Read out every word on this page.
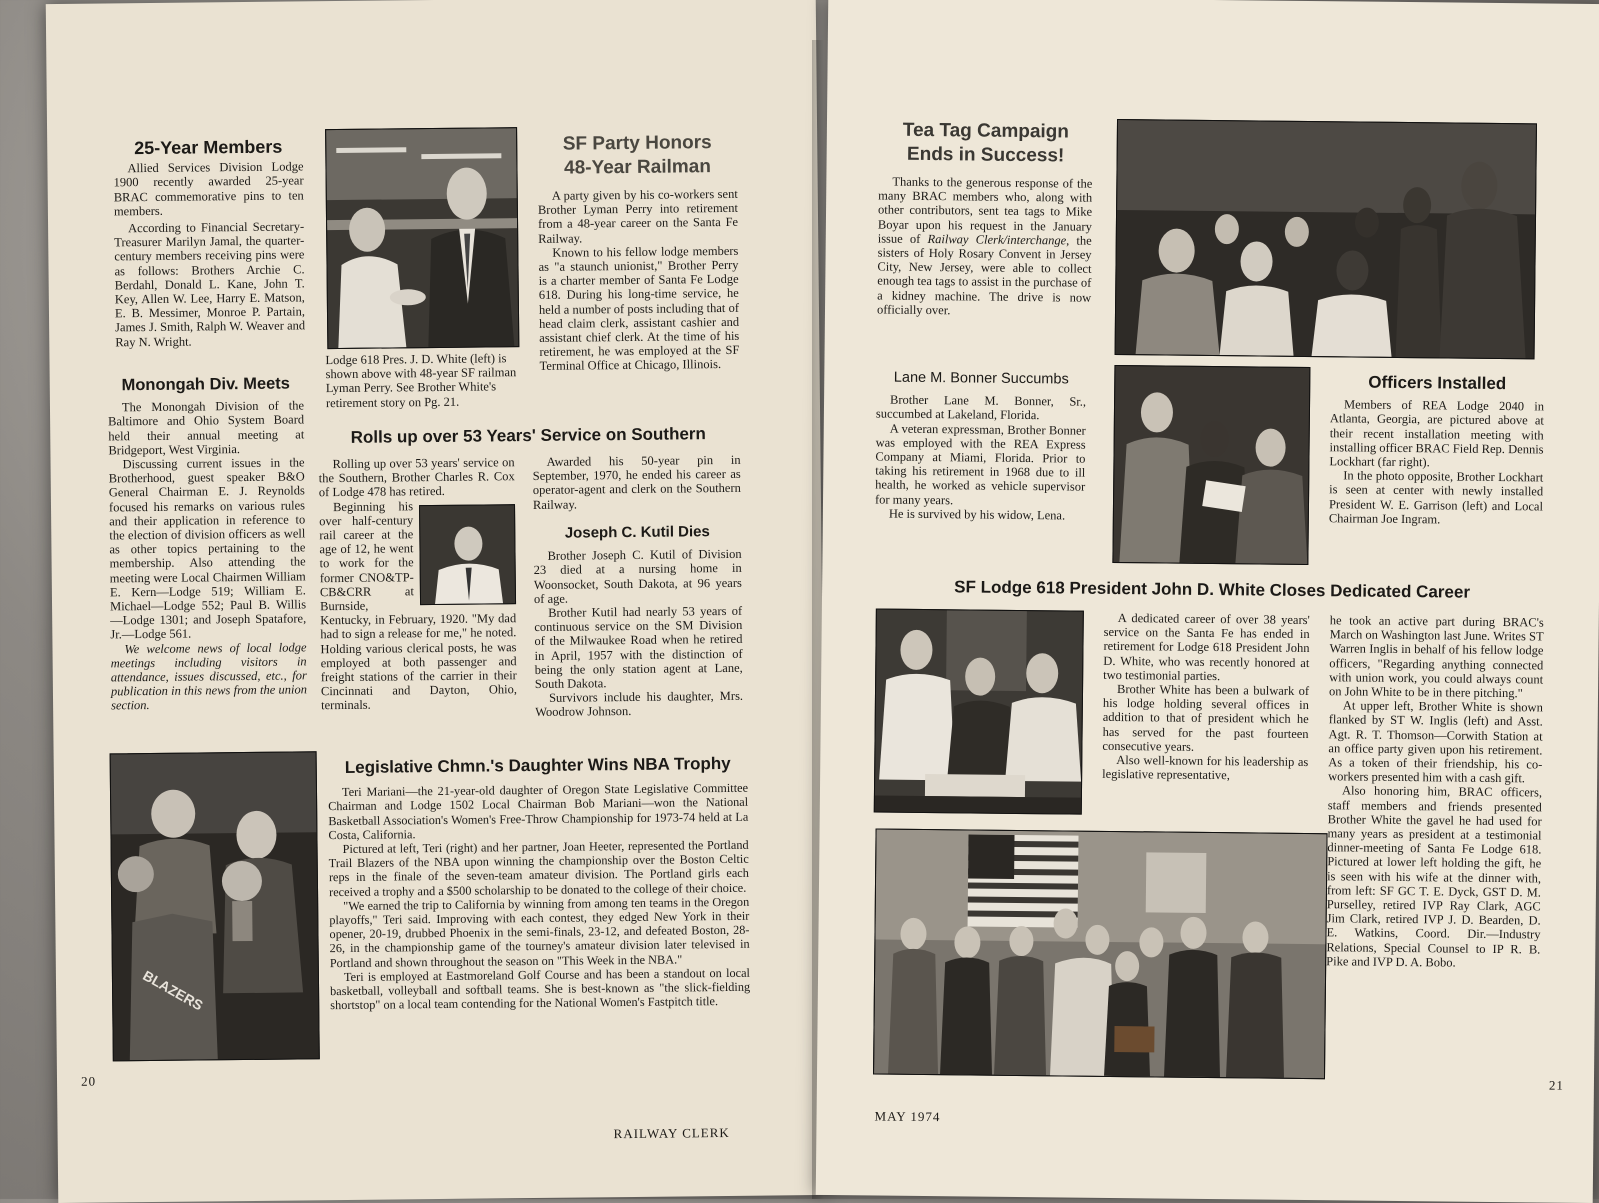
25-Year Members

Allied Services Division Lodge 1900 recently awarded 25-year BRAC commemorative pins to ten members.

According to Financial Secretary-Treasurer Marilyn Jamal, the quarter-century members receiving pins were as follows: Brothers Archie C. Berdahl, Donald L. Kane, John T. Key, Allen W. Lee, Harry E. Matson, E. B. Messimer, Monroe P. Partain, James J. Smith, Ralph W. Weaver and Ray N. Wright.

Monongah Div. Meets

The Monongah Division of the Baltimore and Ohio System Board held their annual meeting at Bridgeport, West Virginia.

Discussing current issues in the Brotherhood, guest speaker B&O General Chairman E. J. Reynolds focused his remarks on various rules and their application in reference to the election of division officers as well as other topics pertaining to the membership. Also attending the meeting were Local Chairmen William E. Kern—Lodge 519; William E. Michael—Lodge 552; Paul B. Willis—Lodge 1301; and Joseph Spatafore, Jr.—Lodge 561.

We welcome news of local lodge meetings including visitors in attendance, issues discussed, etc., for publication in this news from the union section.

Lodge 618 Pres. J. D. White (left) is shown above with 48-year SF railman Lyman Perry. See Brother White's retirement story on Pg. 21.
SF Party Honors
48-Year Railman

A party given by his co-workers sent Brother Lyman Perry into retirement from a 48-year career on the Santa Fe Railway.

Known to his fellow lodge members as "a staunch unionist," Brother Perry is a charter member of Santa Fe Lodge 618. During his long-time service, he held a number of posts including that of head claim clerk, assistant cashier and assistant chief clerk. At the time of his retirement, he was employed at the SF Terminal Office at Chicago, Illinois.

Rolls up over 53 Years' Service on Southern

Rolling up over 53 years' service on the Southern, Brother Charles R. Cox of Lodge 478 has retired.

Beginning his over half-century rail career at the age of 12, he went to work for the former CNO&TP-CB&CRR at Burnside, Kentucky, in February, 1920. "My dad had to sign a release for me," he noted. Holding various clerical posts, he was employed at both passenger and freight stations of the carrier in their Cincinnati and Dayton, Ohio, terminals.

Awarded his 50-year pin in September, 1970, he ended his career as operator-agent and clerk on the Southern Railway.

Joseph C. Kutil Dies

Brother Joseph C. Kutil of Division 23 died at a nursing home in Woonsocket, South Dakota, at 96 years of age.

Brother Kutil had nearly 53 years of continuous service on the SM Division of the Milwaukee Road when he retired in April, 1957 with the distinction of being the only station agent at Lane, South Dakota.

Survivors include his daughter, Mrs. Woodrow Johnson.

BLAZERS
Legislative Chmn.'s Daughter Wins NBA Trophy

Teri Mariani—the 21-year-old daughter of Oregon State Legislative Committee Chairman and Lodge 1502 Local Chairman Bob Mariani—won the National Basketball Association's Women's Free-Throw Championship for 1973-74 held at La Costa, California.

Pictured at left, Teri (right) and her partner, Joan Heeter, represented the Portland Trail Blazers of the NBA upon winning the championship over the Boston Celtic reps in the finale of the seven-team amateur division. The Portland girls each received a trophy and a $500 scholarship to be donated to the college of their choice.

"We earned the trip to California by winning from among ten teams in the Oregon playoffs," Teri said. Improving with each contest, they edged New York in their opener, 20-19, drubbed Phoenix in the semi-finals, 23-12, and defeated Boston, 28-26, in the championship game of the tourney's amateur division later televised in Portland and shown throughout the season on "This Week in the NBA."

Teri is employed at Eastmoreland Golf Course and has been a standout on local basketball, volleyball and softball teams. She is best-known as "the slick-fielding shortstop" on a local team contending for the National Women's Fastpitch title.

20
RAILWAY CLERK
Tea Tag Campaign
Ends in Success!

Thanks to the generous response of the many BRAC members who, along with other contributors, sent tea tags to Mike Boyar upon his request in the January issue of Railway Clerk/interchange, the sisters of Holy Rosary Convent in Jersey City, New Jersey, were able to collect enough tea tags to assist in the purchase of a kidney machine. The drive is now officially over.

Lane M. Bonner Succumbs

Brother Lane M. Bonner, Sr., succumbed at Lakeland, Florida.

A veteran expressman, Brother Bonner was employed with the REA Express Company at Miami, Florida. Prior to taking his retirement in 1968 due to ill health, he worked as vehicle supervisor for many years.

He is survived by his widow, Lena.

Officers Installed

Members of REA Lodge 2040 in Atlanta, Georgia, are pictured above at their recent installation meeting with installing officer BRAC Field Rep. Dennis Lockhart (far right).

In the photo opposite, Brother Lockhart is seen at center with newly installed President W. E. Garrison (left) and Local Chairman Joe Ingram.

SF Lodge 618 President John D. White Closes Dedicated Career

A dedicated career of over 38 years' service on the Santa Fe has ended in retirement for Lodge 618 President John D. White, who was recently honored at two testimonial parties.

Brother White has been a bulwark of his lodge holding several offices in addition to that of president which he has served for the past fourteen consecutive years.

Also well-known for his leadership as legislative representative,

he took an active part during BRAC's March on Washington last June. Writes ST Warren Inglis in behalf of his fellow lodge officers, "Regarding anything connected with union work, you could always count on John White to be in there pitching."

At upper left, Brother White is shown flanked by ST W. Inglis (left) and Asst. Agt. R. T. Thomson—Corwith Station at an office party given upon his retirement. As a token of their friendship, his co-workers presented him with a cash gift.

Also honoring him, BRAC officers, staff members and friends presented Brother White the gavel he had used for many years as president at a testimonial dinner-meeting of Santa Fe Lodge 618. Pictured at lower left holding the gift, he is seen with his wife at the dinner with, from left: SF GC T. E. Dyck, GST D. M. Purselley, retired IVP Ray Clark, AGC Jim Clark, retired IVP J. D. Bearden, D. E. Watkins, Coord. Dir.—Industry Relations, Special Counsel to IP R. B. Pike and IVP D. A. Bobo.

MAY 1974
21
